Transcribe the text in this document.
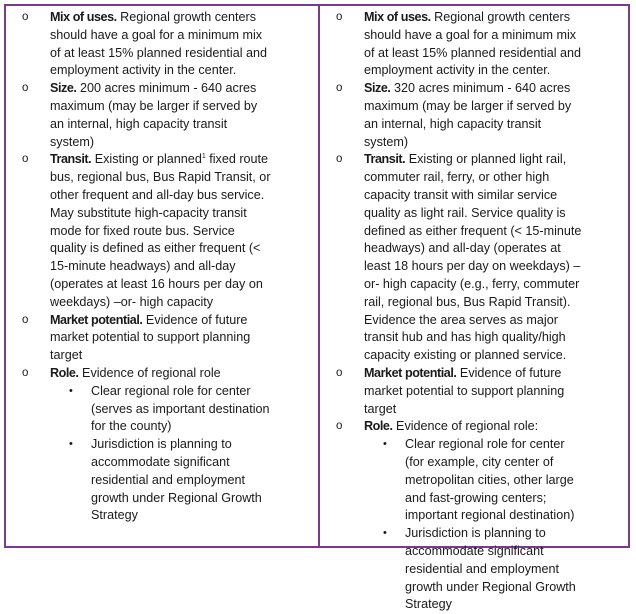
o Mix of uses. Regional growth centers should have a goal for a minimum mix of at least 15% planned residential and employment activity in the center.
o Size. 200 acres minimum - 640 acres maximum (may be larger if served by an internal, high capacity transit system)
o Transit. Existing or planned$^1$ fixed route bus, regional bus, Bus Rapid Transit, or other frequent and all-day bus service. May substitute high-capacity transit mode for fixed route bus. Service quality is defined as either frequent (< 15-minute headways) and all-day (operates at least 16 hours per day on weekdays) –or- high capacity
o Market potential. Evidence of future market potential to support planning target
o Role. Evidence of regional role
• Clear regional role for center (serves as important destination for the county)
• Jurisdiction is planning to accommodate significant residential and employment growth under Regional Growth Strategy
o Mix of uses. Regional growth centers should have a goal for a minimum mix of at least 15% planned residential and employment activity in the center.
o Size. 320 acres minimum - 640 acres maximum (may be larger if served by an internal, high capacity transit system)
o Transit. Existing or planned light rail, commuter rail, ferry, or other high capacity transit with similar service quality as light rail. Service quality is defined as either frequent (< 15-minute headways) and all-day (operates at least 18 hours per day on weekdays) –or- high capacity (e.g., ferry, commuter rail, regional bus, Bus Rapid Transit). Evidence the area serves as major transit hub and has high quality/high capacity existing or planned service.
o Market potential. Evidence of future market potential to support planning target
o Role. Evidence of regional role:
• Clear regional role for center (for example, city center of metropolitan cities, other large and fast-growing centers; important regional destination)
• Jurisdiction is planning to accommodate significant residential and employment growth under Regional Growth Strategy
